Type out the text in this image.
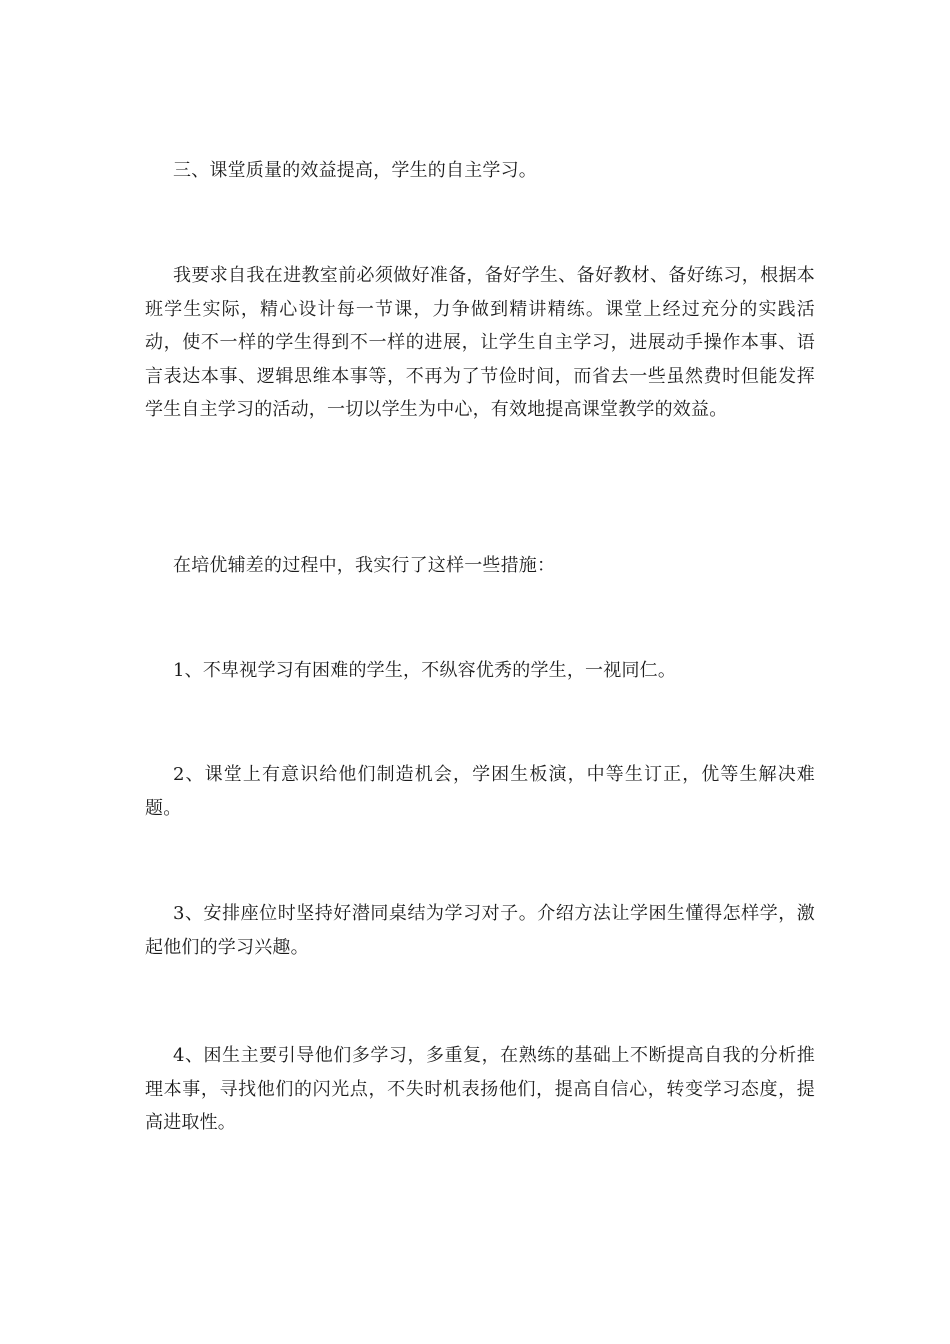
三、课堂质量的效益提高，学生的自主学习。

我要求自我在进教室前必须做好准备，备好学生、备好教材、备好练习，根据本班学生实际，精心设计每一节课，力争做到精讲精练。课堂上经过充分的实践活动，使不一样的学生得到不一样的进展，让学生自主学习，进展动手操作本事、语言表达本事、逻辑思维本事等，不再为了节俭时间，而省去一些虽然费时但能发挥学生自主学习的活动，一切以学生为中心，有效地提高课堂教学的效益。

在培优辅差的过程中，我实行了这样一些措施：

1、不卑视学习有困难的学生，不纵容优秀的学生，一视同仁。

2、课堂上有意识给他们制造机会，学困生板演，中等生订正，优等生解决难题。

3、安排座位时坚持好潜同桌结为学习对子。介绍方法让学困生懂得怎样学，激起他们的学习兴趣。

4、困生主要引导他们多学习，多重复，在熟练的基础上不断提高自我的分析推理本事，寻找他们的闪光点，不失时机表扬他们，提高自信心，转变学习态度，提高进取性。
